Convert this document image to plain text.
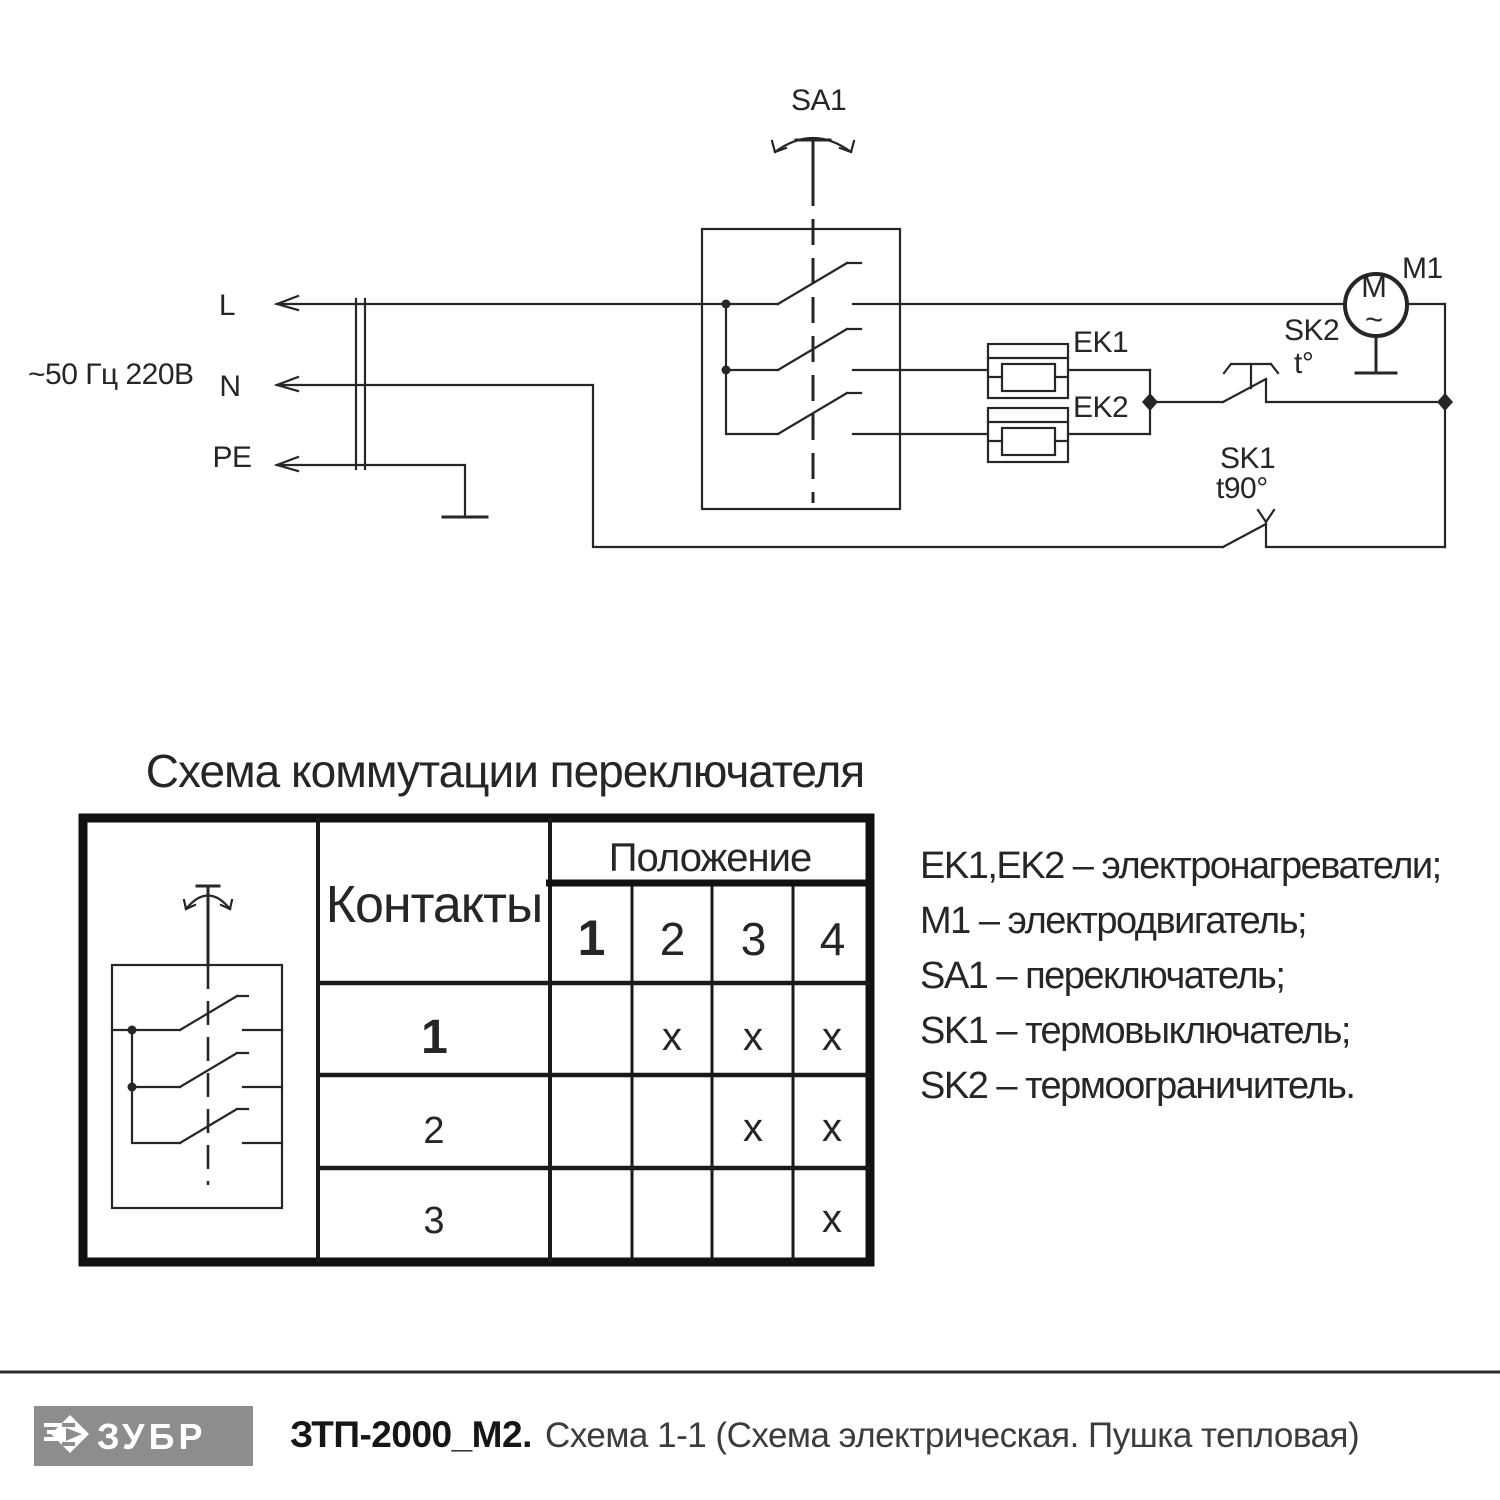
~50 Гц 220В
L
N
PE
SA1
EK1
EK2
SK2
t°
SK1
t90°
M
~
M1
Схема коммутации переключателя
Положение
Контакты
1 2 3 4
1
2
3
x x x
x x
x
EK1,EK2 – электронагреватели;
M1 – электродвигатель;
SA1 – переключатель;
SK1 – термовыключатель;
SK2 – термоограничитель.
ЗУБР ЗТП-2000_М2. Схема 1-1 (Схема электрическая. Пушка тепловая)
